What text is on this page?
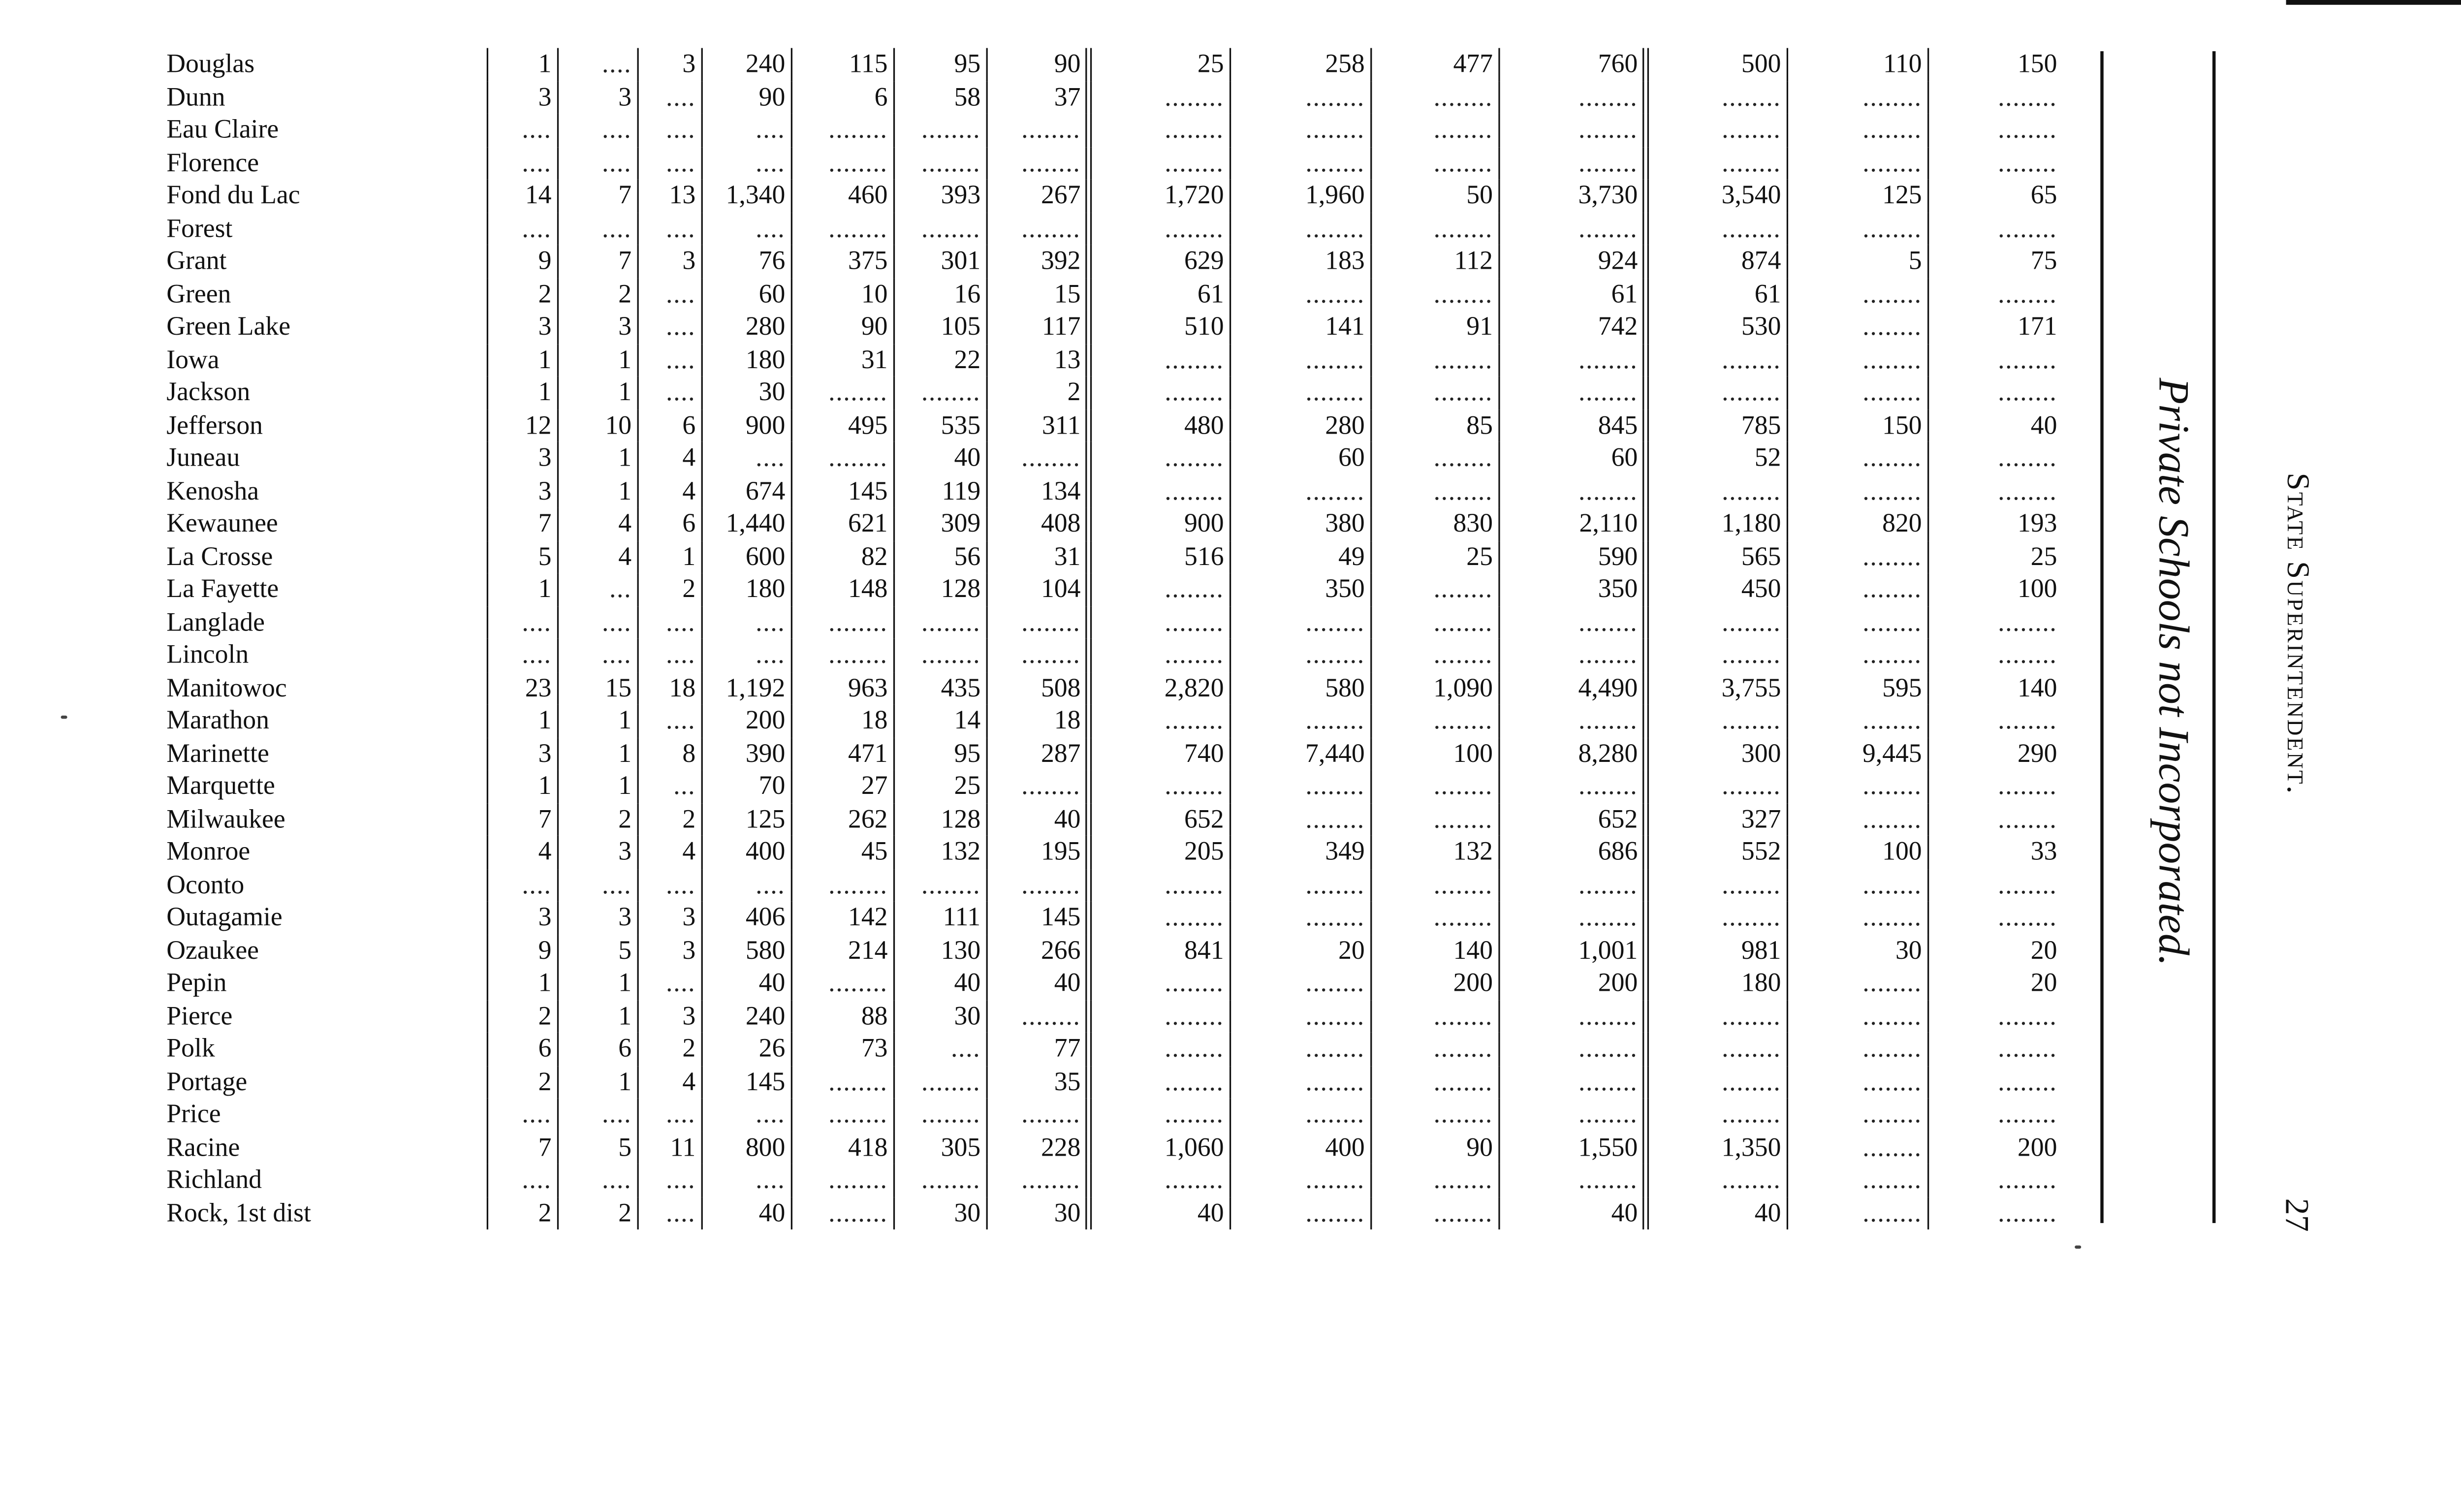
Douglas	1	....	3	240	115	95	90	25	258	477	760	500	110	150
Dunn	3	3	....	90	6	58	37	........	........	........	........	........	........	........
Eau Claire	....	....	....	....	........	........	........	........	........	........	........	........	........	........
Florence	....	....	....	....	........	........	........	........	........	........	........	........	........	........
Fond du Lac	14	7	13	1,340	460	393	267	1,720	1,960	50	3,730	3,540	125	65
Forest	....	....	....	....	........	........	........	........	........	........	........	........	........	........
Grant	9	7	3	76	375	301	392	629	183	112	924	874	5	75
Green	2	2	....	60	10	16	15	61	........	........	61	61	........	........
Green Lake	3	3	....	280	90	105	117	510	141	91	742	530	........	171
Iowa	1	1	....	180	31	22	13	........	........	........	........	........	........	........
Jackson	1	1	....	30	........	........	2	........	........	........	........	........	........	........
Jefferson	12	10	6	900	495	535	311	480	280	85	845	785	150	40
Juneau	3	1	4	....	........	40	........	........	60	........	60	52	........	........
Kenosha	3	1	4	674	145	119	134	........	........	........	........	........	........	........
Kewaunee	7	4	6	1,440	621	309	408	900	380	830	2,110	1,180	820	193
La Crosse	5	4	1	600	82	56	31	516	49	25	590	565	........	25
La Fayette	1	...	2	180	148	128	104	........	350	........	350	450	........	100
Langlade	....	....	....	....	........	........	........	........	........	........	........	........	........	........
Lincoln	....	....	....	....	........	........	........	........	........	........	........	........	........	........
Manitowoc	23	15	18	1,192	963	435	508	2,820	580	1,090	4,490	3,755	595	140
Marathon	1	1	....	200	18	14	18	........	........	........	........	........	........	........
Marinette	3	1	8	390	471	95	287	740	7,440	100	8,280	300	9,445	290
Marquette	1	1	...	70	27	25	........	........	........	........	........	........	........	........
Milwaukee	7	2	2	125	262	128	40	652	........	........	652	327	........	........
Monroe	4	3	4	400	45	132	195	205	349	132	686	552	100	33
Oconto	....	....	....	....	........	........	........	........	........	........	........	........	........	........
Outagamie	3	3	3	406	142	111	145	........	........	........	........	........	........	........
Ozaukee	9	5	3	580	214	130	266	841	20	140	1,001	981	30	20
Pepin	1	1	....	40	........	40	40	........	........	200	200	180	........	20
Pierce	2	1	3	240	88	30	........	........	........	........	........	........	........	........
Polk	6	6	2	26	73	....	77	........	........	........	........	........	........	........
Portage	2	1	4	145	........	........	35	........	........	........	........	........	........	........
Price	....	....	....	....	........	........	........	........	........	........	........	........	........	........
Racine	7	5	11	800	418	305	228	1,060	400	90	1,550	1,350	........	200
Richland	....	....	....	....	........	........	........	........	........	........	........	........	........	........
Rock, 1st dist	2	2	....	40	........	30	30	40	........	........	40	40	........	........
Private Schools not Incorporated.	State Superintendent.
27
